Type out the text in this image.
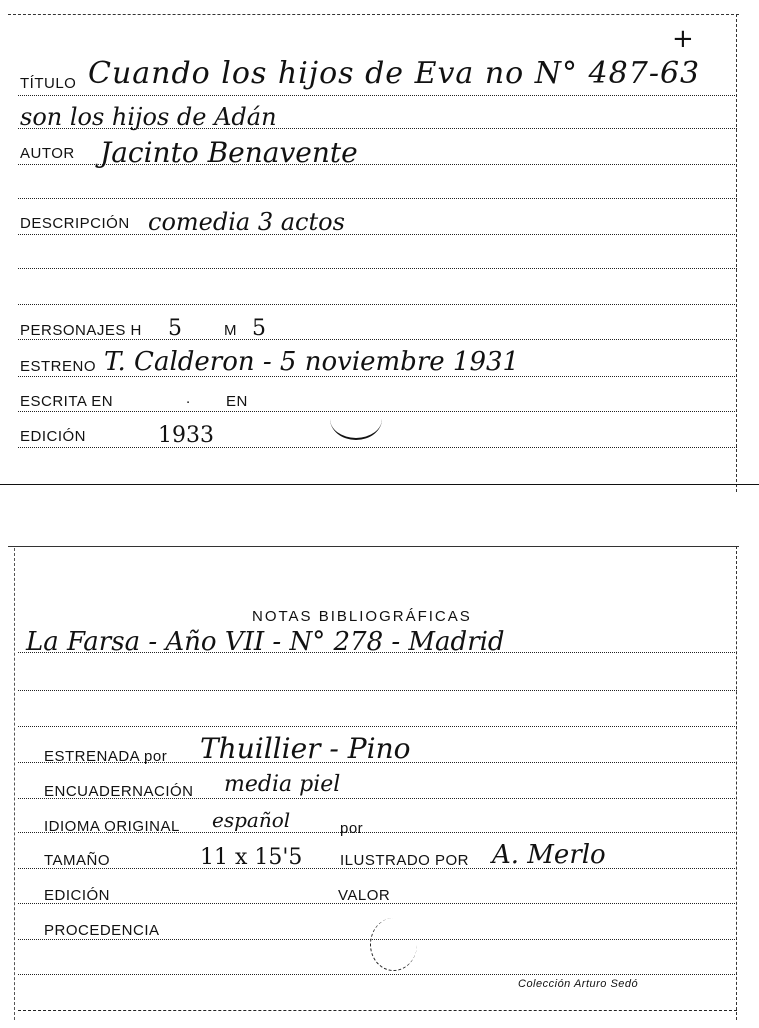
+
TÍTULO Cuando los hijos de Eva no N° 487-63
son los hijos de Adán
AUTOR Jacinto Benavente
DESCRIPCIÓN comedia 3 actos
PERSONAJES H 5	M 5
ESTRENO T. Calderon - 5 noviembre 1931
ESCRITA EN	. EN
EDICIÓN	1933
NOTAS BIBLIOGRÁFICAS
La Farsa - Año VII - N° 278 - Madrid
ESTRENADA por Thuillier - Pino
ENCUADERNACIÓN media piel
IDIOMA ORIGINAL español	por
TAMAÑO	11 x 15'5	ILUSTRADO POR A. Merlo
EDICIÓN	VALOR
PROCEDENCIA
Colección Arturo Sedó
